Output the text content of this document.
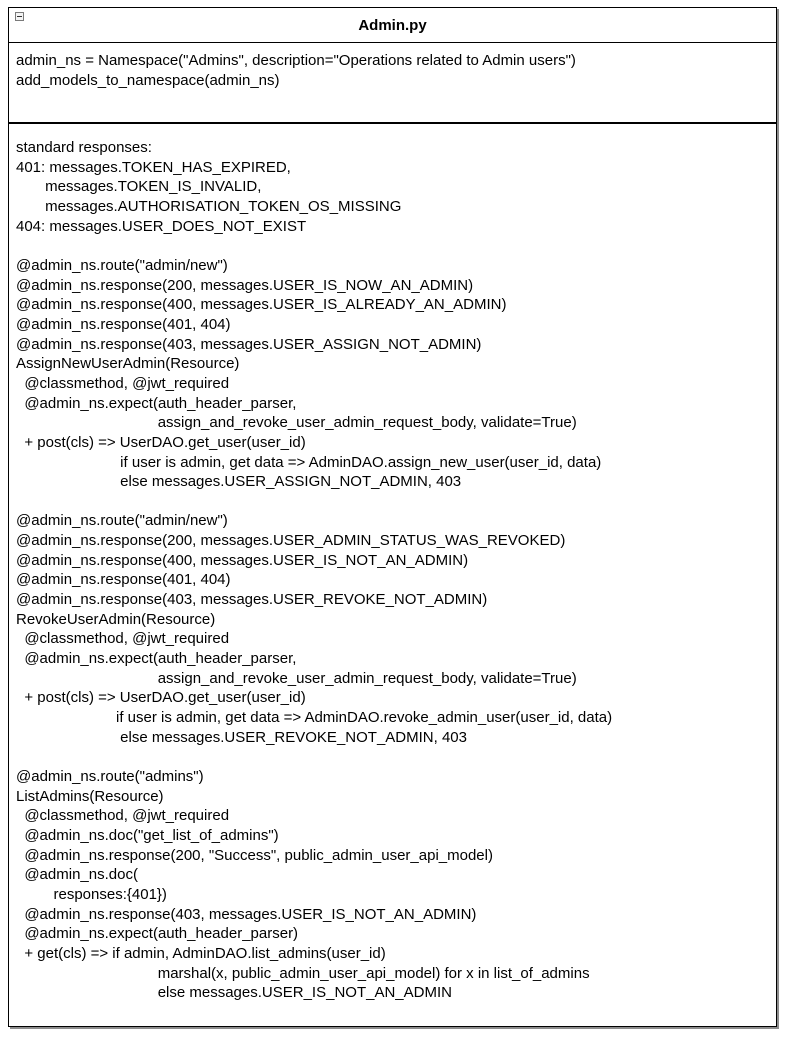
Admin.py
admin_ns = Namespace("Admins", description="Operations related to Admin users")
add_models_to_namespace(admin_ns)
standard responses:
401: messages.TOKEN_HAS_EXPIRED,
messages.TOKEN_IS_INVALID,
messages.AUTHORISATION_TOKEN_OS_MISSING
404: messages.USER_DOES_NOT_EXIST
@admin_ns.route("admin/new")
@admin_ns.response(200, messages.USER_IS_NOW_AN_ADMIN)
@admin_ns.response(400, messages.USER_IS_ALREADY_AN_ADMIN)
@admin_ns.response(401, 404)
@admin_ns.response(403, messages.USER_ASSIGN_NOT_ADMIN)
AssignNewUserAdmin(Resource)
@classmethod, @jwt_required
@admin_ns.expect(auth_header_parser,
assign_and_revoke_user_admin_request_body, validate=True)
+ post(cls) => UserDAO.get_user(user_id)
if user is admin, get data => AdminDAO.assign_new_user(user_id, data)
else messages.USER_ASSIGN_NOT_ADMIN, 403
@admin_ns.route("admin/new")
@admin_ns.response(200, messages.USER_ADMIN_STATUS_WAS_REVOKED)
@admin_ns.response(400, messages.USER_IS_NOT_AN_ADMIN)
@admin_ns.response(401, 404)
@admin_ns.response(403, messages.USER_REVOKE_NOT_ADMIN)
RevokeUserAdmin(Resource)
@classmethod, @jwt_required
@admin_ns.expect(auth_header_parser,
assign_and_revoke_user_admin_request_body, validate=True)
+ post(cls) => UserDAO.get_user(user_id)
if user is admin, get data => AdminDAO.revoke_admin_user(user_id, data)
else messages.USER_REVOKE_NOT_ADMIN, 403
@admin_ns.route("admins")
ListAdmins(Resource)
@classmethod, @jwt_required
@admin_ns.doc("get_list_of_admins")
@admin_ns.response(200, "Success", public_admin_user_api_model)
@admin_ns.doc(
responses:{401})
@admin_ns.response(403, messages.USER_IS_NOT_AN_ADMIN)
@admin_ns.expect(auth_header_parser)
+ get(cls) => if admin, AdminDAO.list_admins(user_id)
marshal(x, public_admin_user_api_model) for x in list_of_admins
else messages.USER_IS_NOT_AN_ADMIN
